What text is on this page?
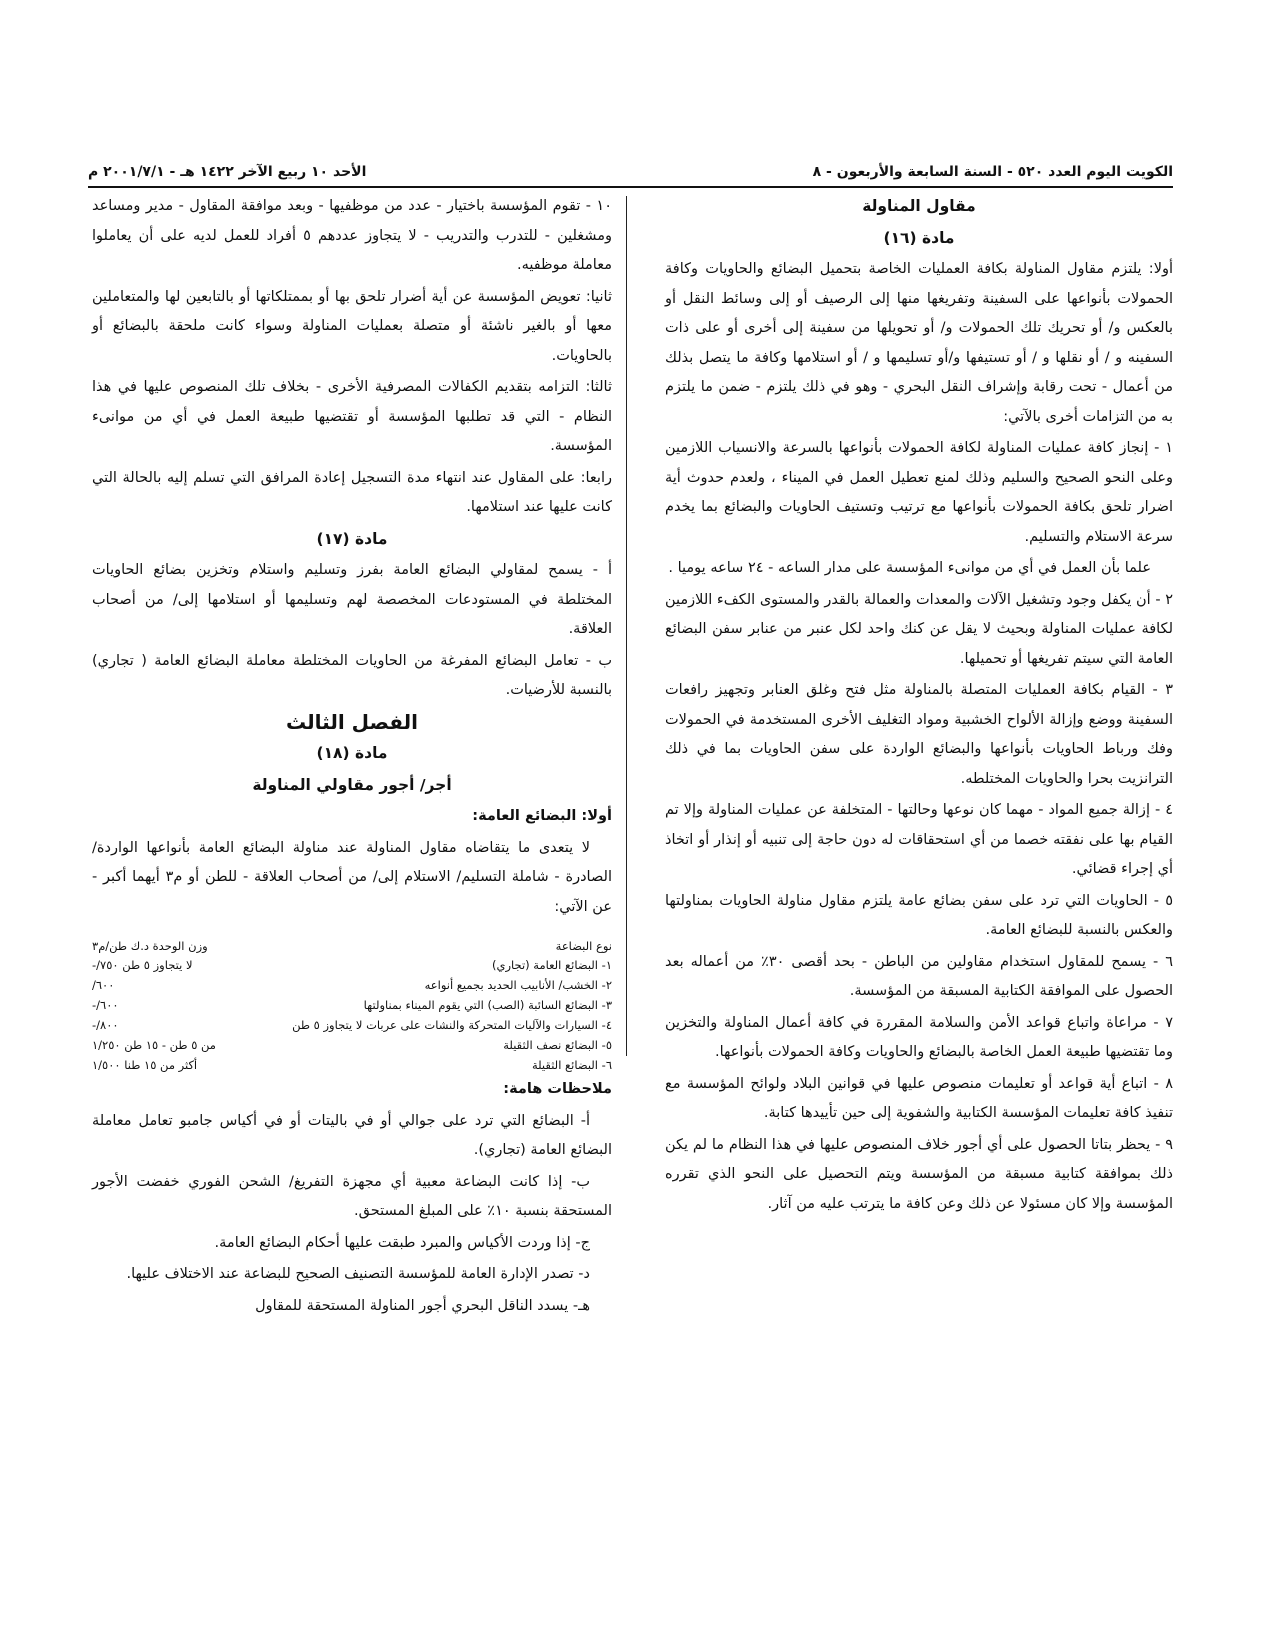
الكويت اليوم العدد ٥٢٠ - السنة السابعة والأربعون - ٨
الأحد ١٠ ربيع الآخر ١٤٢٢ هـ - ٢٠٠١/٧/١ م

مقاول المناولة

مادة (١٦)

أولا: يلتزم مقاول المناولة بكافة العمليات الخاصة بتحميل البضائع والحاويات وكافة الحمولات بأنواعها على السفينة وتفريغها منها إلى الرصيف أو إلى وسائط النقل أو بالعكس و/ أو تحريك تلك الحمولات و/ أو تحويلها من سفينة إلى أخرى أو على ذات السفينه و / أو نقلها و / أو تستيفها و/أو تسليمها و / أو استلامها وكافة ما يتصل بذلك من أعمال - تحت رقابة وإشراف النقل البحري - وهو في ذلك يلتزم - ضمن ما يلتزم به من التزامات أخرى بالآتي:

١ - إنجاز كافة عمليات المناولة لكافة الحمولات بأنواعها بالسرعة والانسياب اللازمين وعلى النحو الصحيح والسليم وذلك لمنع تعطيل العمل في الميناء ، ولعدم حدوث أية اضرار تلحق بكافة الحمولات بأنواعها مع ترتيب وتستيف الحاويات والبضائع بما يخدم سرعة الاستلام والتسليم.

علما بأن العمل في أي من موانىء المؤسسة على مدار الساعه - ٢٤ ساعه يوميا .

٢ - أن يكفل وجود وتشغيل الآلات والمعدات والعمالة بالقدر والمستوى الكفء اللازمين لكافة عمليات المناولة وبحيث لا يقل عن كنك واحد لكل عنبر من عنابر سفن البضائع العامة التي سيتم تفريغها أو تحميلها.

٣ - القيام بكافة العمليات المتصلة بالمناولة مثل فتح وغلق العنابر وتجهيز رافعات السفينة ووضع وإزالة الألواح الخشبية ومواد التغليف الأخرى المستخدمة في الحمولات وفك ورباط الحاويات بأنواعها والبضائع الواردة على سفن الحاويات بما في ذلك الترانزيت بحرا والحاويات المختلطه.

٤ - إزالة جميع المواد - مهما كان نوعها وحالتها - المتخلفة عن عمليات المناولة وإلا تم القيام بها على نفقته خصما من أي استحقاقات له دون حاجة إلى تنبيه أو إنذار أو اتخاذ أي إجراء قضائي.

٥ - الحاويات التي ترد على سفن بضائع عامة يلتزم مقاول مناولة الحاويات بمناولتها والعكس بالنسبة للبضائع العامة.

٦ - يسمح للمقاول استخدام مقاولين من الباطن - بحد أقصى ٣٠٪ من أعماله بعد الحصول على الموافقة الكتابية المسبقة من المؤسسة.

٧ - مراعاة واتباع قواعد الأمن والسلامة المقررة في كافة أعمال المناولة والتخزين وما تقتضيها طبيعة العمل الخاصة بالبضائع والحاويات وكافة الحمولات بأنواعها.

٨ - اتباع أية قواعد أو تعليمات منصوص عليها في قوانين البلاد ولوائح المؤسسة مع تنفيذ كافة تعليمات المؤسسة الكتابية والشفوية إلى حين تأييدها كتابة.

٩ - يحظر بتاتا الحصول على أي أجور خلاف المنصوص عليها في هذا النظام ما لم يكن ذلك بموافقة كتابية مسبقة من المؤسسة ويتم التحصيل على النحو الذي تقرره المؤسسة وإلا كان مسئولا عن ذلك وعن كافة ما يترتب عليه من آثار.

١٠ - تقوم المؤسسة باختيار - عدد من موظفيها - وبعد موافقة المقاول - مدير ومساعد ومشغلين - للتدرب والتدريب - لا يتجاوز عددهم ٥ أفراد للعمل لديه على أن يعاملوا معاملة موظفيه.

ثانيا: تعويض المؤسسة عن أية أضرار تلحق بها أو بممتلكاتها أو بالتابعين لها والمتعاملين معها أو بالغير ناشئة أو متصلة بعمليات المناولة وسواء كانت ملحقة بالبضائع أو بالحاويات.

ثالثا: التزامه بتقديم الكفالات المصرفية الأخرى - بخلاف تلك المنصوص عليها في هذا النظام - التي قد تطلبها المؤسسة أو تقتضيها طبيعة العمل في أي من موانىء المؤسسة.

رابعا: على المقاول عند انتهاء مدة التسجيل إعادة المرافق التي تسلم إليه بالحالة التي كانت عليها عند استلامها.

مادة (١٧)

أ - يسمح لمقاولي البضائع العامة بفرز وتسليم واستلام وتخزين بضائع الحاويات المختلطة في المستودعات المخصصة لهم وتسليمها أو استلامها إلى/ من أصحاب العلاقة.

ب - تعامل البضائع المفرغة من الحاويات المختلطة معاملة البضائع العامة ( تجاري) بالنسبة للأرضيات.

الفصل الثالث

مادة (١٨)

أجر/ أجور مقاولي المناولة

أولا: البضائع العامة:

لا يتعدى ما يتقاضاه مقاول المناولة عند مناولة البضائع العامة بأنواعها الواردة/ الصادرة - شاملة التسليم/ الاستلام إلى/ من أصحاب العلاقة - للطن أو م٣ أيهما أكبر - عن الآتي:

نوع البضاعة
وزن الوحدة د.ك طن/م٣
١- البضائع العامة (تجاري)
لا يتجاوز ٥ طن ٧٥٠/-
٢- الخشب/ الأنابيب الحديد بجميع أنواعه
٦٠٠/
٣- البضائع السائبة (الصب) التي يقوم الميناء بمناولتها
٦٠٠/-
٤- السيارات والآليات المتحركة والنشات على عربات لا يتجاوز ٥ طن
٨٠٠/-
٥- البضائع نصف الثقيلة
من ٥ طن - ١٥ طن ١/٢٥٠
٦- البضائع الثقيلة
أكثر من ١٥ طنا ١/٥٠٠

ملاحظات هامة:

أ- البضائع التي ترد على جوالي أو في باليتات أو في أكياس جامبو تعامل معاملة البضائع العامة (تجاري).

ب- إذا كانت البضاعة معبية أي مجهزة التفريغ/ الشحن الفوري خفضت الأجور المستحقة بنسبة ١٠٪ على المبلغ المستحق.

ج- إذا وردت الأكياس والمبرد طبقت عليها أحكام البضائع العامة.

د- تصدر الإدارة العامة للمؤسسة التصنيف الصحيح للبضاعة عند الاختلاف عليها.

هـ- يسدد الناقل البحري أجور المناولة المستحقة للمقاول
